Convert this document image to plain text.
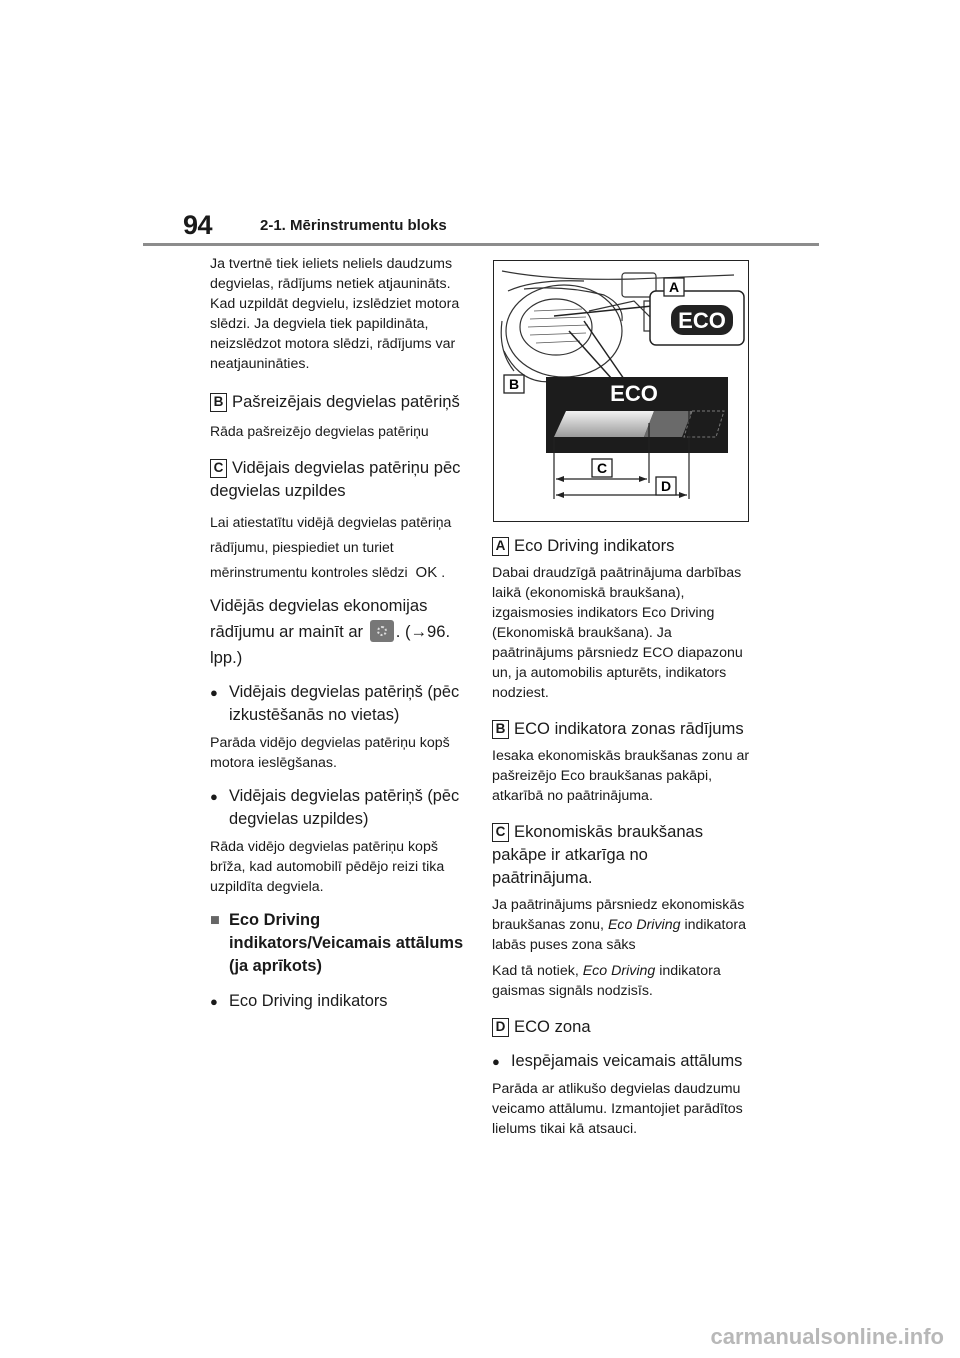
94	2-1. Mērinstrumentu bloks

Ja tvertnē tiek ieliets neliels daudzums degvielas, rādījums netiek atjaunināts. Kad uzpildāt degvielu, izslēdziet motora slēdzi. Ja degviela tiek papildināta, neizslēdzot motora slēdzi, rādījums var neatjaunināties.

B Pašreizējais degvielas patēriņš

Rāda pašreizējo degvielas patēriņu

C Vidējais degvielas patēriņu pēc degvielas uzpildes

Lai atiestatītu vidējā degvielas patēriņa rādījumu, piespiediet un turiet mērinstrumentu kontroles slēdzi OK .

Vidējās degvielas ekonomijas rādījumu ar mainīt ar . (→96. lpp.)

● Vidējais degvielas patēriņš (pēc izkustēšanās no vietas)

Parāda vidējo degvielas patēriņu kopš motora ieslēgšanas.

● Vidējais degvielas patēriņš (pēc degvielas uzpildes)

Rāda vidējo degvielas patēriņu kopš brīža, kad automobilī pēdējo reizi tika uzpildīta degviela.

■ Eco Driving indikators/Veicamais attālums (ja aprīkots)
● Eco Driving indikators
A
ECO
B	ECO
C
D

A Eco Driving indikators

Dabai draudzīgā paātrinājuma darbības laikā (ekonomiskā braukšana), izgaismosies indikators Eco Driving (Ekonomiskā braukšana). Ja paātrinājums pārsniedz ECO diapazonu un, ja automobilis apturēts, indikators nodziest.

B ECO indikatora zonas rādījums

Iesaka ekonomiskās braukšanas zonu ar pašreizējo Eco braukšanas pakāpi, atkarībā no paātrinājuma.

C Ekonomiskās braukšanas pakāpe ir atkarīga no paātrinājuma.

Ja paātrinājums pārsniedz ekonomiskās braukšanas zonu, Eco Driving indikatora labās puses zona sāks

Kad tā notiek, Eco Driving indikatora gaismas signāls nodzisīs.

D ECO zona

● Iespējamais veicamais attālums

Parāda ar atlikušo degvielas daudzumu veicamo attālumu. Izmantojiet parādītos lielums tikai kā atsauci.

carmanualsonline.info
